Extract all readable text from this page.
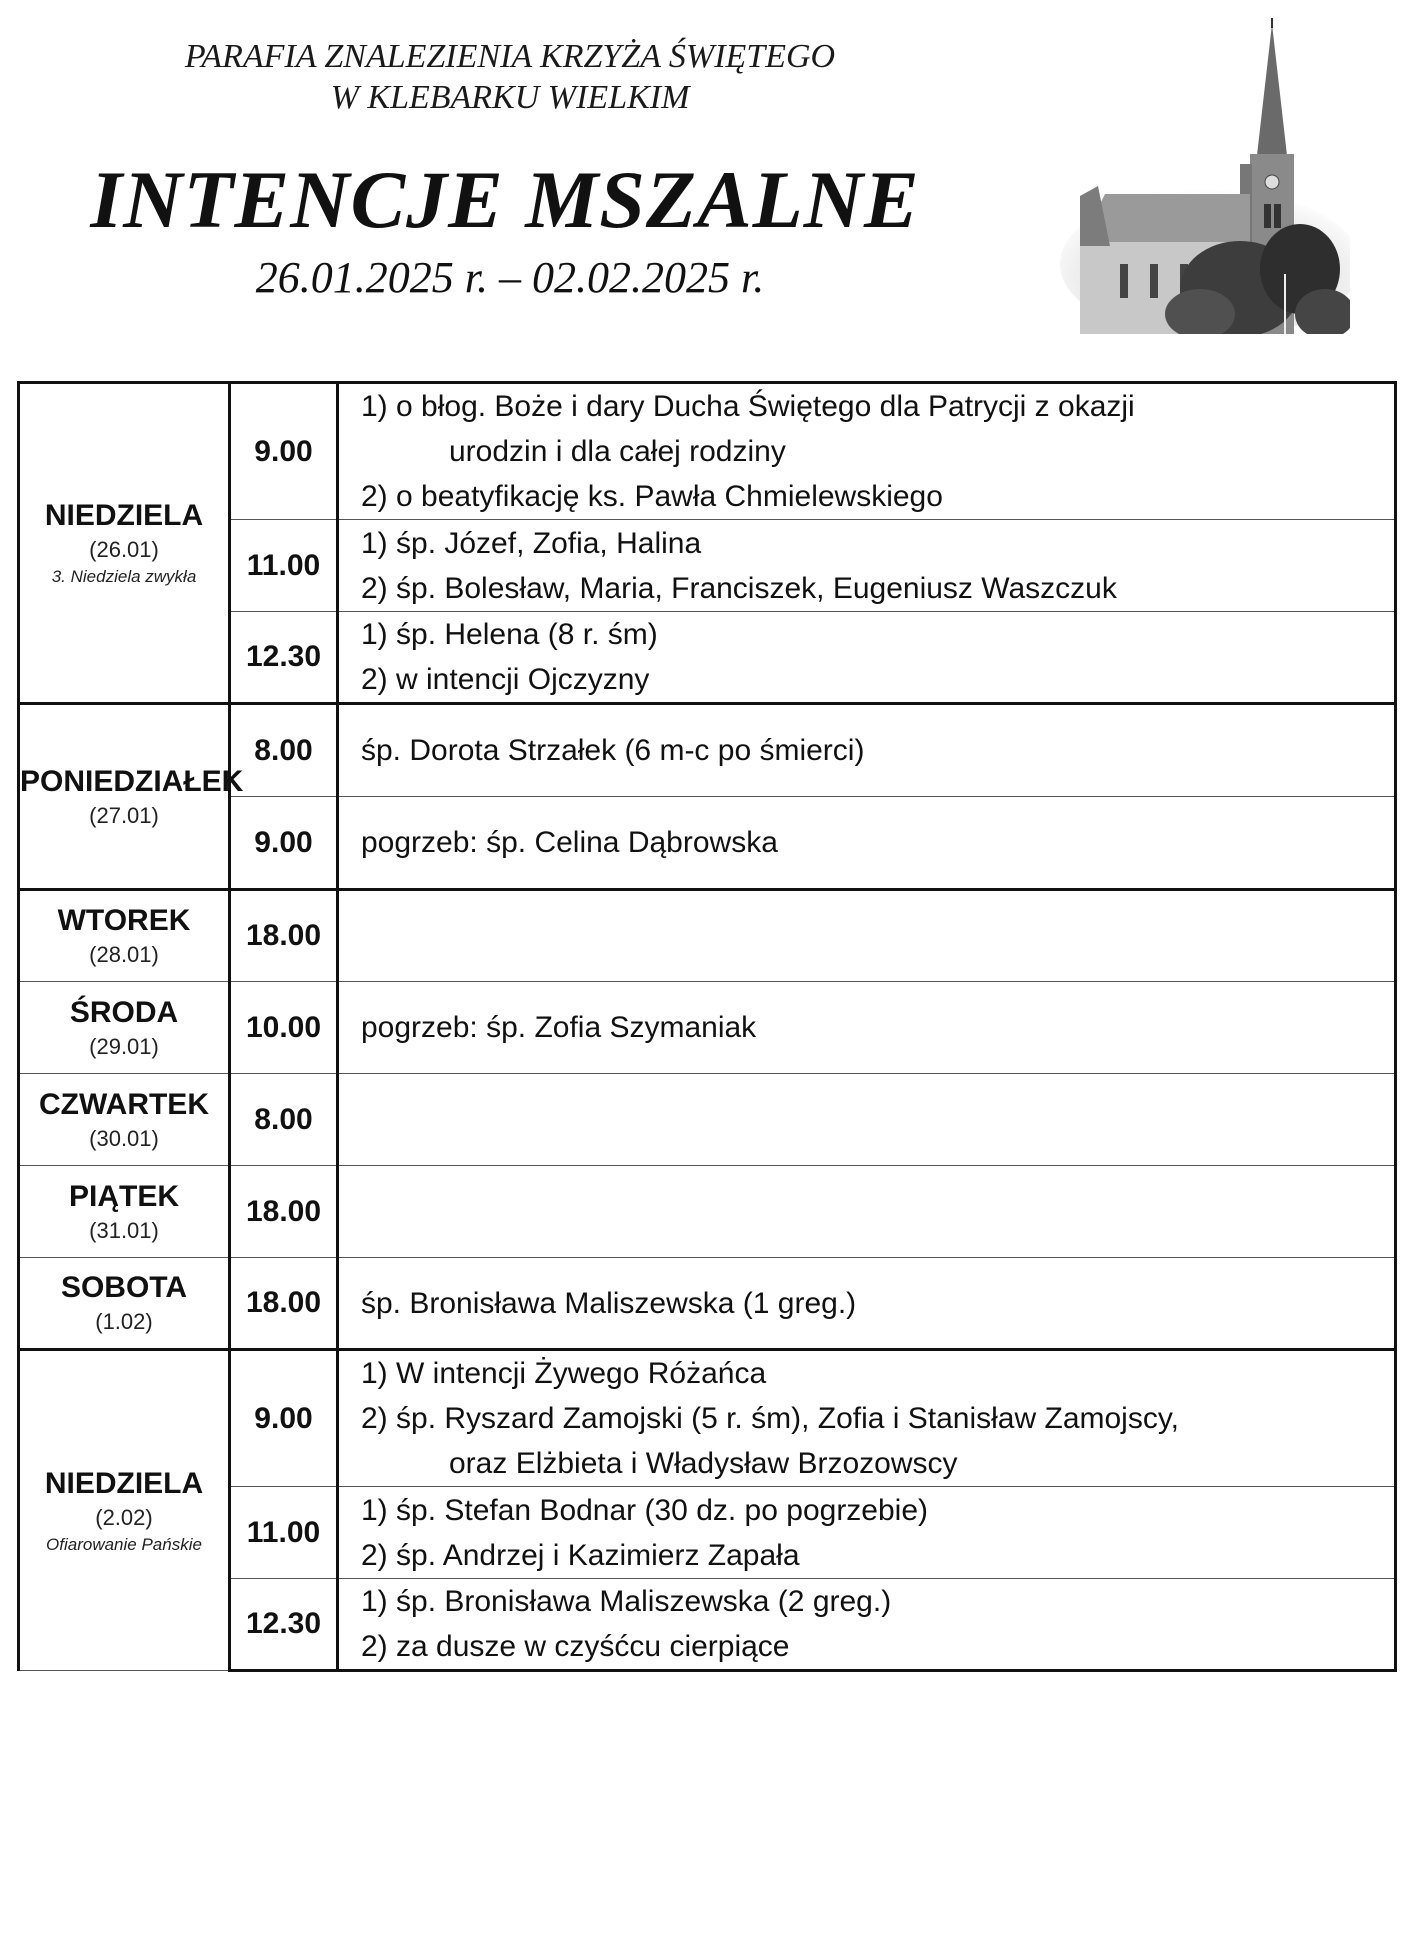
PARAFIA ZNALEZIENIA KRZYŻA ŚWIĘTEGO
W KLEBARKU WIELKIM
INTENCJE MSZALNE
26.01.2025 r. – 02.02.2025 r.
NIEDZIELA
(26.01)
3. Niedziela zwykła	9.00	1) o błog. Boże i dary Ducha Świętego dla Patrycji z okazji
urodzin i dla całej rodziny
2) o beatyfikację ks. Pawła Chmielewskiego

	11.00	1) śp. Józef, Zofia, Halina
2) śp. Bolesław, Maria, Franciszek, Eugeniusz Waszczuk

	12.30	1) śp. Helena (8 r. śm)
2) w intencji Ojczyzny

PONIEDZIAŁEK
(27.01)	8.00	śp. Dorota Strzałek (6 m-c po śmierci)

	9.00	pogrzeb: śp. Celina Dąbrowska

WTOREK
(28.01)	18.00	

ŚRODA
(29.01)	10.00	pogrzeb: śp. Zofia Szymaniak

CZWARTEK
(30.01)	8.00	

PIĄTEK
(31.01)	18.00	

SOBOTA
(1.02)	18.00	śp. Bronisława Maliszewska (1 greg.)

NIEDZIELA
(2.02)
Ofiarowanie Pańskie	9.00	1) W intencji Żywego Różańca
2) śp. Ryszard Zamojski (5 r. śm), Zofia i Stanisław Zamojscy,
oraz Elżbieta i Władysław Brzozowscy

	11.00	1) śp. Stefan Bodnar (30 dz. po pogrzebie)
2) śp. Andrzej i Kazimierz Zapała

	12.30	1) śp. Bronisława Maliszewska (2 greg.)
2) za dusze w czyśćcu cierpiące
